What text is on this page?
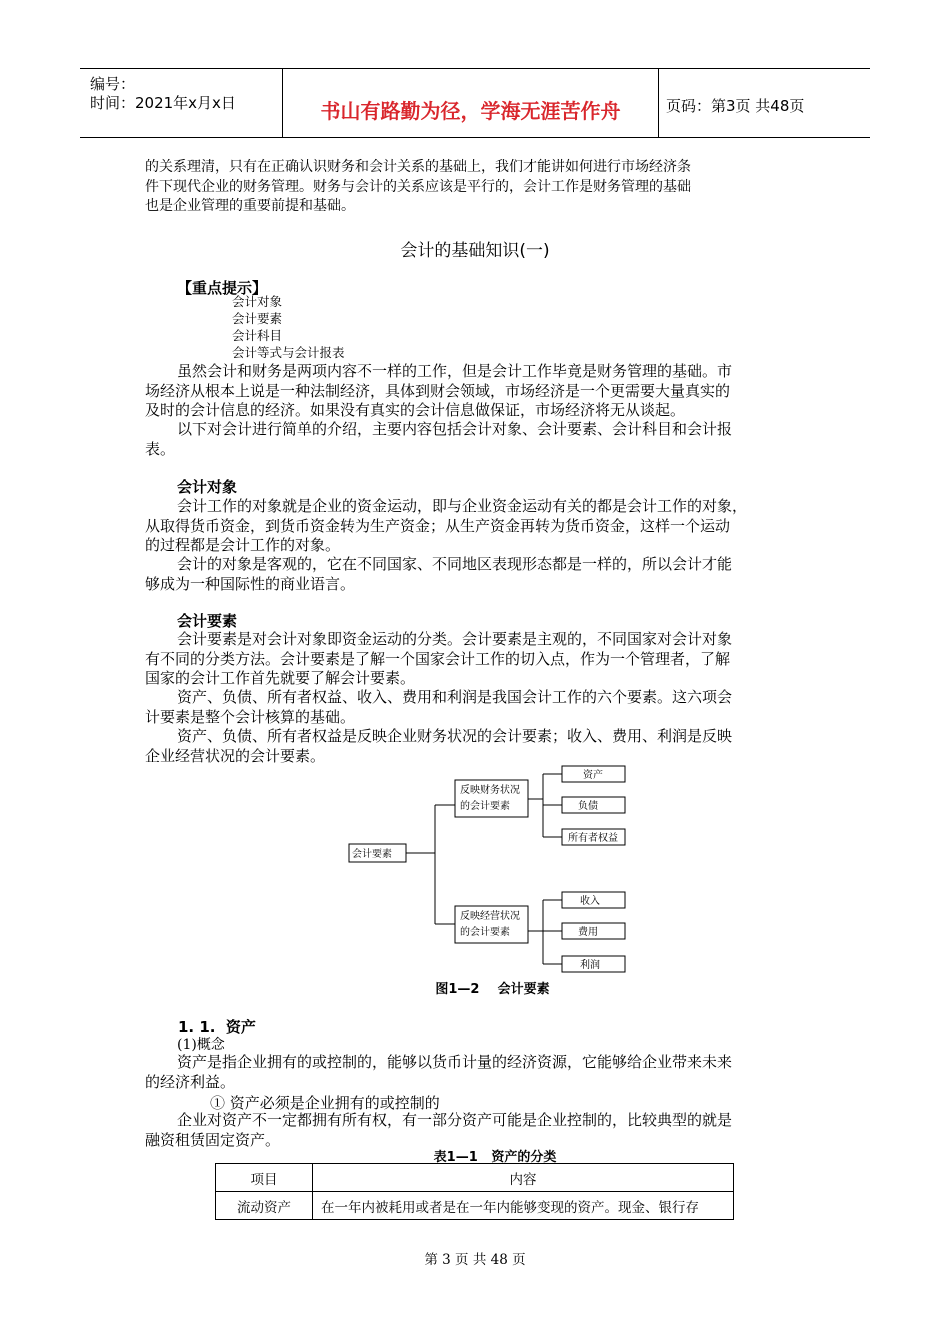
编号：
时间：2021年x月x日	书山有路勤为径，学海无涯苦作舟	页码：第3页 共48页
的关系理清，只有在正确认识财务和会计关系的基础上，我们才能讲如何进行市场经济条
件下现代企业的财务管理。财务与会计的关系应该是平行的，会计工作是财务管理的基础
也是企业管理的重要前提和基础。
会计的基础知识(一)
【重点提示】
会计对象
会计要素
会计科目
会计等式与会计报表
虽然会计和财务是两项内容不一样的工作，但是会计工作毕竟是财务管理的基础。市
场经济从根本上说是一种法制经济，具体到财会领域，市场经济是一个更需要大量真实的
及时的会计信息的经济。如果没有真实的会计信息做保证，市场经济将无从谈起。
以下对会计进行简单的介绍，主要内容包括会计对象、会计要素、会计科目和会计报
表。
会计对象
会计工作的对象就是企业的资金运动，即与企业资金运动有关的都是会计工作的对象，
从取得货币资金，到货币资金转为生产资金；从生产资金再转为货币资金，这样一个运动
的过程都是会计工作的对象。
会计的对象是客观的，它在不同国家、不同地区表现形态都是一样的，所以会计才能
够成为一种国际性的商业语言。
会计要素
会计要素是对会计对象即资金运动的分类。会计要素是主观的，不同国家对会计对象
有不同的分类方法。会计要素是了解一个国家会计工作的切入点，作为一个管理者，了解
国家的会计工作首先就要了解会计要素。
资产、负债、所有者权益、收入、费用和利润是我国会计工作的六个要素。这六项会
计要素是整个会计核算的基础。
资产、负债、所有者权益是反映企业财务状况的会计要素；收入、费用、利润是反映
企业经营状况的会计要素。
会计要素
反映财务状况
的会计要素
反映经营状况
的会计要素
资产
负债
所有者权益
收入
费用
利润
图1—2    会计要素
1. 1.  资产
(1)概念
资产是指企业拥有的或控制的，能够以货币计量的经济资源，它能够给企业带来未来
的经济利益。
① 资产必须是企业拥有的或控制的
企业对资产不一定都拥有所有权，有一部分资产可能是企业控制的，比较典型的就是
融资租赁固定资产。
表1—1   资产的分类
项目	内容
流动资产	在一年内被耗用或者是在一年内能够变现的资产。现金、银行存
第 3 页 共 48 页
